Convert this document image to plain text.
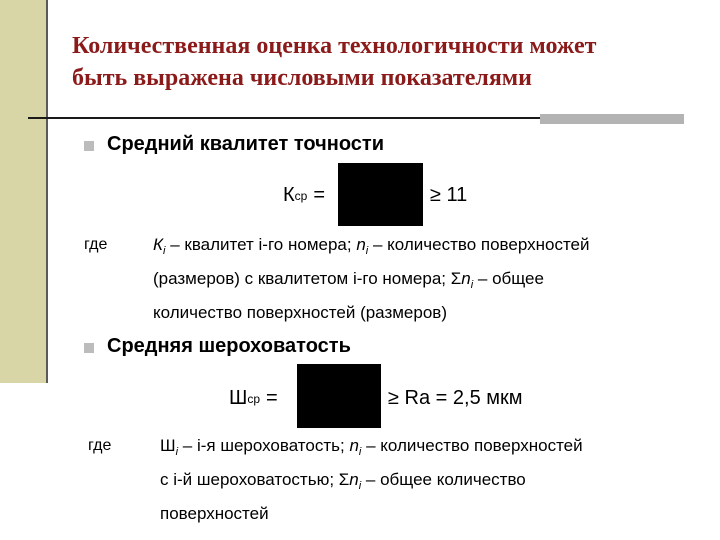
Количественная оценка технологичности может
быть выражена числовыми показателями
Средний квалитет точности
К ср =	≥ 11
где	$К_i$ – квалитет i-го номера; $n_i$ – количество поверхностей
(размеров) с квалитетом i-го номера; $\Sigma n_i$ – общее
количество поверхностей (размеров)
Средняя шероховатость
Ш ср =	≥ Ra = 2,5 мкм
где	$Ш_i - i-я$ шероховатость; $n_i$ – количество поверхностей
с i-й шероховатостью; $\Sigma n_i$ – общее количество
поверхностей
